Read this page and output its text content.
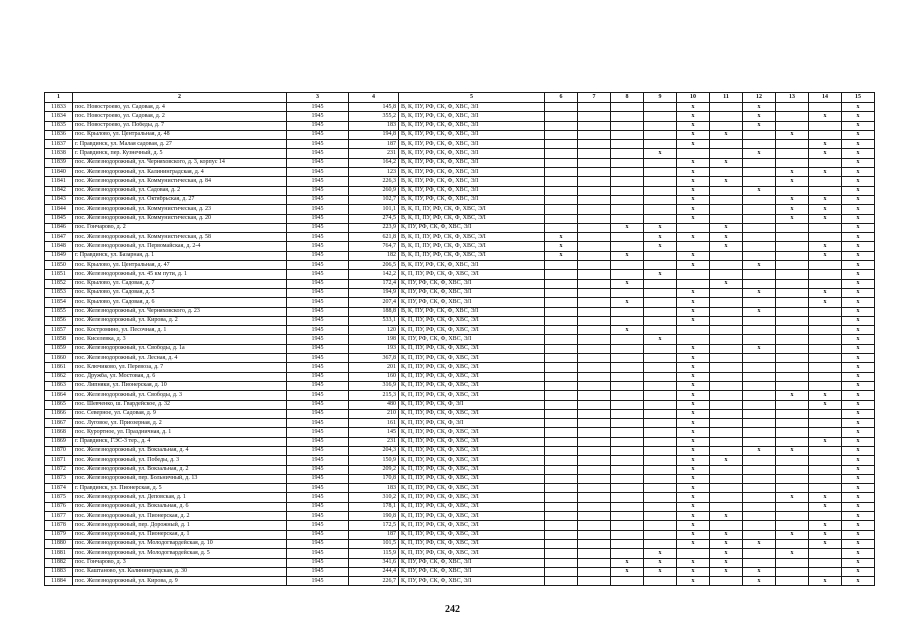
1	2	3	4	5	6	7	8	9	10	11	12	13	14	15
11833	пос. Новостроево, ул. Садовая, д. 4	1945	145,8	В, К, ПУ, РФ, СК, Ф, ХВС, ЭЛ					x		x			x
11834	пос. Новостроево, ул. Садовая, д. 2	1945	355,2	В, К, ПУ, РФ, СК, Ф, ХВС, ЭЛ					x		x		x	x
11835	пос. Новостроево, ул. Победы, д. 7	1945	183	В, К, ПУ, РФ, СК, Ф, ХВС, ЭЛ					x		x			x
11836	пос. Крылово, ул. Центральная, д. 48	1945	194,8	В, К, ПУ, РФ, СК, Ф, ХВС, ЭЛ					x	x		x		x
11837	г. Правдинск, ул. Малая садовая, д. 27	1945	187	В, К, ПУ, РФ, СК, Ф, ХВС, ЭЛ					x				x	x
11838	г. Правдинск, пер. Кузнечный, д. 5	1945	231	В, К, ПУ, РФ, СК, Ф, ХВС, ЭЛ				x			x		x	x
11839	пос. Железнодорожный, ул. Черняховского, д. 3, корпус 14	1945	164,2	В, К, ПУ, РФ, СК, Ф, ХВС, ЭЛ					x	x				x
11840	пос. Железнодорожный, ул. Калининградская, д. 4	1945	123	В, К, ПУ, РФ, СК, Ф, ХВС, ЭЛ					x			x	x	x
11841	пос. Железнодорожный, ул. Коммунистическая, д. 84	1945	226,3	В, К, ПУ, РФ, СК, Ф, ХВС, ЭЛ					x	x		x		x
11842	пос. Железнодорожный, ул. Садовая, д. 2	1945	260,9	В, К, ПУ, РФ, СК, Ф, ХВС, ЭЛ					x		x			x
11843	пос. Железнодорожный, ул. Октябрьская, д. 27	1945	102,7	В, К, ПУ, РФ, СК, Ф, ХВС, ЭЛ					x			x	x	x
11844	пос. Железнодорожный, ул. Коммунистическая, д. 23	1945	101,1	В, К, П, ПУ, РФ, СК, Ф, ХВС, ЭЛ					x			x	x	x
11845	пос. Железнодорожный, ул. Коммунистическая, д. 20	1945	274,5	В, К, П, ПУ, РФ, СК, Ф, ХВС, ЭЛ					x			x	x	x
11846	пос. Гончарово, д. 2	1945	223,9	К, ПУ, РФ, СК, Ф, ХВС, ЭЛ			x	x		x				x
11847	пос. Железнодорожный, ул. Коммунистическая, д. 58	1945	621,8	В, К, П, ПУ, РФ, СК, Ф, ХВС, ЭЛ	x			x	x	x				x
11848	пос. Железнодорожный, ул. Первомайская, д. 2-4	1945	764,7	В, К, П, ПУ, РФ, СК, Ф, ХВС, ЭЛ	x			x		x			x	x
11849	г. Правдинск, ул. Базарная, д. 1	1945	182	В, К, П, ПУ, РФ, СК, Ф, ХВС, ЭЛ	x		x		x				x	x
11850	пос. Крылово, ул. Центральная, д. 47	1945	206,5	В, К, ПУ, РФ, СК, Ф, ХВС, ЭЛ					x		x			x
11851	пос. Железнодорожный, ул. 45 км пути, д. 1	1945	142,2	К, П, ПУ, РФ, СК, Ф, ХВС, ЭЛ				x						x
11852	пос. Крылово, ул. Садовая, д. 7	1945	172,4	К, ПУ, РФ, СК, Ф, ХВС, ЭЛ			x			x				x
11853	пос. Крылово, ул. Садовая, д. 5	1945	194,9	К, ПУ, РФ, СК, Ф, ХВС, ЭЛ					x		x		x	x
11854	пос. Крылово, ул. Садовая, д. 6	1945	207,4	К, ПУ, РФ, СК, Ф, ХВС, ЭЛ			x		x				x	x
11855	пос. Железнодорожный, ул. Черняховского, д. 23	1945	188,8	В, К, ПУ, РФ, СК, Ф, ХВС, ЭЛ					x		x			x
11856	пос. Железнодорожный, ул. Кирова, д. 2	1945	533,1	К, П, ПУ, РФ, СК, Ф, ХВС, ЭЛ					x					x
11857	пос. Костромино, ул. Песочная, д. 1	1945	120	К, П, ПУ, РФ, СК, Ф, ХВС, ЭЛ			x							x
11858	пос. Киселевка, д. 3	1945	198	К, ПУ, РФ, СК, Ф, ХВС, ЭЛ				x						x
11859	пос. Железнодорожный, ул. Свободы, д. 1а	1945	193	К, П, ПУ, РФ, СК, Ф, ХВС, ЭЛ					x		x			x
11860	пос. Железнодорожный, ул. Лесная, д. 4	1945	367,8	К, П, ПУ, РФ, СК, Ф, ХВС, ЭЛ					x					x
11861	пос. Ключиково, ул. Перевоза, д. 7	1945	201	К, П, ПУ, РФ, СК, Ф, ХВС, ЭЛ					x					x
11862	пос. Дружба, ул. Мостовая, д. 6	1945	160	К, П, ПУ, РФ, СК, Ф, ХВС, ЭЛ					x					x
11863	пос. Липняки, ул. Пионерская, д. 10	1945	316,9	К, П, ПУ, РФ, СК, Ф, ХВС, ЭЛ					x					x
11864	пос. Железнодорожный, ул. Свободы, д. 3	1945	215,3	К, П, ПУ, РФ, СК, Ф, ХВС, ЭЛ					x			x	x	x
11865	пос. Шевченко, ш. Гвардейское, д. 32	1945	480	К, П, ПУ, РФ, СК, Ф, ЭЛ					x				x	x
11866	пос. Северное, ул. Садовая, д. 9	1945	210	К, П, ПУ, РФ, СК, Ф, ХВС, ЭЛ					x					x
11867	пос. Луговое, ул. Приозерная, д. 2	1945	161	К, П, ПУ, РФ, СК, Ф, ЭЛ					x					x
11868	пос. Курортное, ул. Праздничная, д. 1	1945	145	К, П, ПУ, РФ, СК, Ф, ХВС, ЭЛ					x					x
11869	г. Правдинск, ГЭС-3 тер., д. 4	1945	231	К, П, ПУ, РФ, СК, Ф, ХВС, ЭЛ					x				x	x
11870	пос. Железнодорожный, ул. Вокзальная, д. 4	1945	204,3	К, П, ПУ, РФ, СК, Ф, ХВС, ЭЛ					x		x	x		x
11871	пос. Железнодорожный, ул. Победы, д. 3	1945	150,9	К, П, ПУ, РФ, СК, Ф, ХВС, ЭЛ					x	x				x
11872	пос. Железнодорожный, ул. Вокзальная, д. 2	1945	209,2	К, П, ПУ, РФ, СК, Ф, ХВС, ЭЛ					x					x
11873	пос. Железнодорожный, пер. Больничный, д. 13	1945	170,8	К, П, ПУ, РФ, СК, Ф, ХВС, ЭЛ					x					x
11874	г. Правдинск, ул. Пионерская, д. 5	1945	183	К, П, ПУ, РФ, СК, Ф, ХВС, ЭЛ					x					x
11875	пос. Железнодорожный, ул. Деповская, д. 1	1945	310,2	К, П, ПУ, РФ, СК, Ф, ХВС, ЭЛ					x			x	x	x
11876	пос. Железнодорожный, ул. Вокзальная, д. 6	1945	178,1	К, П, ПУ, РФ, СК, Ф, ХВС, ЭЛ					x				x	x
11877	пос. Железнодорожный, ул. Пионерская, д. 2	1945	190,8	К, П, ПУ, РФ, СК, Ф, ХВС, ЭЛ					x	x				x
11878	пос. Железнодорожный, пер. Дорожный, д. 1	1945	172,5	К, П, ПУ, РФ, СК, Ф, ХВС, ЭЛ					x				x	x
11879	пос. Железнодорожный, ул. Пионерская, д. 1	1945	187	К, П, ПУ, РФ, СК, Ф, ХВС, ЭЛ					x	x		x	x	x
11880	пос. Железнодорожный, ул. Молодогвардейская, д. 10	1945	101,5	К, П, ПУ, РФ, СК, Ф, ХВС, ЭЛ					x	x	x		x	x
11881	пос. Железнодорожный, ул. Молодогвардейская, д. 5	1945	115,9	К, П, ПУ, РФ, СК, Ф, ХВС, ЭЛ				x		x		x		x
11882	пос. Гончарово, д. 3	1945	341,6	К, ПУ, РФ, СК, Ф, ХВС, ЭЛ			x	x	x	x				x
11883	пос. Каштаново, ул. Калининградская, д. 30	1945	244,4	К, ПУ, РФ, СК, Ф, ХВС, ЭЛ			x	x	x	x	x			x
11884	пос. Железнодорожный, ул. Кирова, д. 9	1945	226,7	К, ПУ, РФ, СК, Ф, ХВС, ЭЛ					x		x		x	x
242
